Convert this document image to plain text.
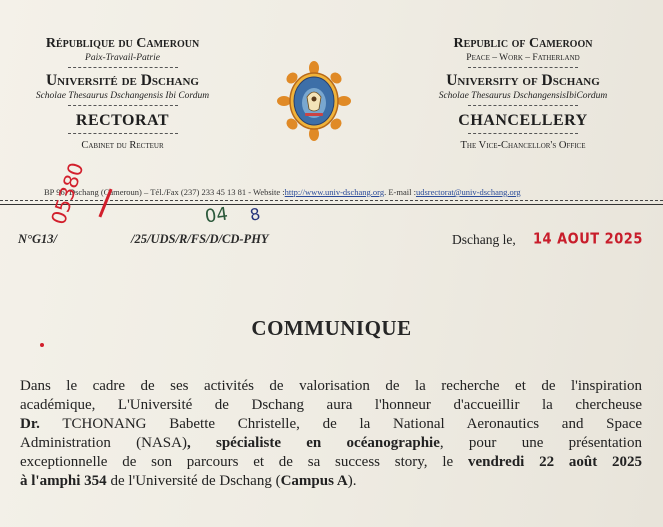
République du Cameroun
Paix-Travail-Patrie
Université de Dschang
Scholae Thesaurus Dschangensis Ibi Cordum
RECTORAT
Cabinet du Recteur
Republic of Cameroon
Peace – Work – Fatherland
University of Dschang
Scholae Thesaurus DschangensisIbiCordum
CHANCELLERY
The Vice-Chancellor's Office
BP 96, Dschang (Cameroun) – Tél./Fax (237) 233 45 13 81 - Website :http://www.univ-dschang.org. E-mail :udsrectorat@univ-dschang.org
05380	04 8
N°G13/	/25/UDS/R/FS/D/CD-PHY	Dschang le, 14 AOUT 2025
COMMUNIQUE
Dans le cadre de ses activités de valorisation de la recherche et de l'inspiration
académique, L'Université de Dschang aura l'honneur d'accueillir la chercheuse
Dr. TCHONANG Babette Christelle, de la National Aeronautics and Space
Administration (NASA), spécialiste en océanographie, pour une présentation
exceptionnelle de son parcours et de sa success story, le vendredi 22 août 2025
à l'amphi 354 de l'Université de Dschang (Campus A).
